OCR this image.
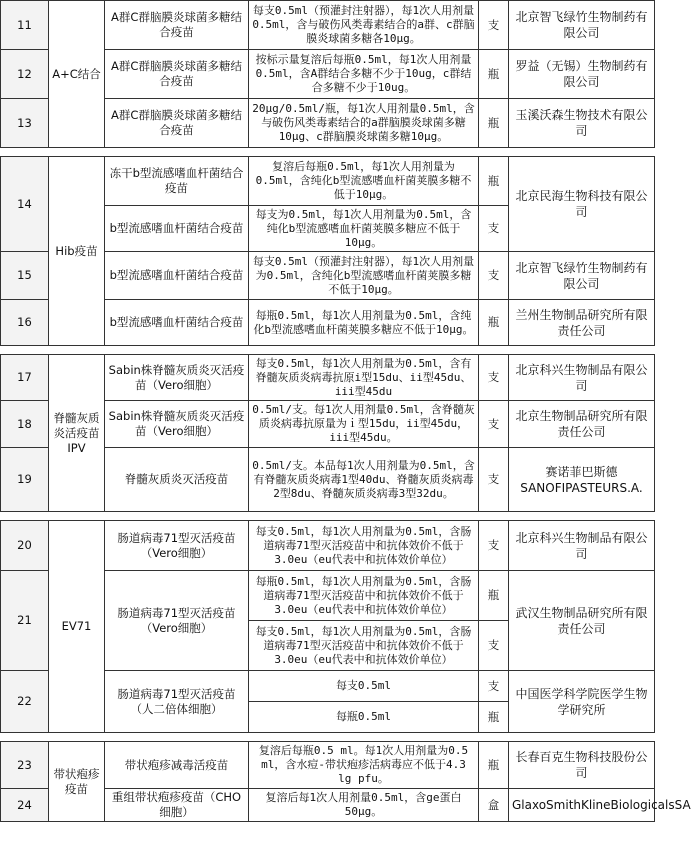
11	A+C结合	A群C群脑膜炎球菌多糖结合疫苗	每支0.5ml（预灌封注射器），每1次人用剂量0.5ml，含与破伤风类毒素结合的a群、c群脑膜炎球菌多糖各10μg。	支	北京智飞绿竹生物制药有限公司
12		A群C群脑膜炎球菌多糖结合疫苗	按标示量复溶后每瓶0.5ml，每1次人用剂量0.5ml，含A群结合多糖不少于10ug，c群结合多糖不少于10ug。	瓶	罗益（无锡）生物制药有限公司
13		A群C群脑膜炎球菌多糖结合疫苗	20μg/0.5ml/瓶，每1次人用剂量0.5ml，含与破伤风类毒素结合的a群脑膜炎球菌多糖10μg、c群脑膜炎球菌多糖10μg。	瓶	玉溪沃森生物技术有限公司

14	Hib疫苗	冻干b型流感嗜血杆菌结合疫苗	复溶后每瓶0.5ml，每1次人用剂量为0.5ml，含纯化b型流感嗜血杆菌荚膜多糖不低于10μg。	瓶	北京民海生物科技有限公司
		b型流感嗜血杆菌结合疫苗	每支为0.5ml，每1次人用剂量为0.5ml，含纯化b型流感嗜血杆菌荚膜多糖应不低于10μg。	支	
15		b型流感嗜血杆菌结合疫苗	每支0.5ml（预灌封注射器），每1次人用剂量为0.5ml，含纯化b型流感嗜血杆菌荚膜多糖不低于10μg。	支	北京智飞绿竹生物制药有限公司
16		b型流感嗜血杆菌结合疫苗	每瓶0.5ml，每1次人用剂量为0.5ml，含纯化b型流感嗜血杆菌荚膜多糖应不低于10μg。	瓶	兰州生物制品研究所有限责任公司

17	脊髓灰质炎活疫苗IPV	Sabin株脊髓灰质炎灭活疫苗（Vero细胞）	每支0.5ml，每1次人用剂量为0.5ml，含有脊髓灰质炎病毒抗原i型15du、ii型45du、iii型45du	支	北京科兴生物制品有限公司
18		Sabin株脊髓灰质炎灭活疫苗（Vero细胞）	0.5ml/支。每1次人用剂量0.5ml，含脊髓灰质炎病毒抗原量为ｉ型15du，ii型45du，iii型45du。	支	北京生物制品研究所有限责任公司
19		脊髓灰质炎灭活疫苗	0.5ml/支。本品每1次人用剂量为0.5ml，含有脊髓灰质炎病毒1型40du、脊髓灰质炎病毒2型8du、脊髓灰质炎病毒3型32du。	支	赛诺菲巴斯德SANOFIPASTEURS.A.

20	EV71	肠道病毒71型灭活疫苗（Vero细胞）	每支0.5ml，每1次人用剂量为0.5ml，含肠道病毒71型灭活疫苗中和抗体效价不低于3.0eu（eu代表中和抗体效价单位）	支	北京科兴生物制品有限公司
21		肠道病毒71型灭活疫苗（Vero细胞）	每瓶0.5ml，每1次人用剂量为0.5ml，含肠道病毒71型灭活疫苗中和抗体效价不低于3.0eu（eu代表中和抗体效价单位）	瓶	武汉生物制品研究所有限责任公司
			每支0.5ml，每1次人用剂量为0.5ml，含肠道病毒71型灭活疫苗中和抗体效价不低于3.0eu（eu代表中和抗体效价单位）	支	
22		肠道病毒71型灭活疫苗（人二倍体细胞）	每支0.5ml	支	中国医学科学院医学生物学研究所
			每瓶0.5ml	瓶	

23	带状疱疹疫苗	带状疱疹减毒活疫苗	复溶后每瓶0.5 ml。每1次人用剂量为0.5 ml，含水痘-带状疱疹活病毒应不低于4.3 lg pfu。	瓶	长春百克生物科技股份公司
24		重组带状疱疹疫苗（CHO细胞）	复溶后每1次人用剂量0.5ml，含ge蛋白50μg。	盒	GlaxoSmithKlineBiologicalsSA
